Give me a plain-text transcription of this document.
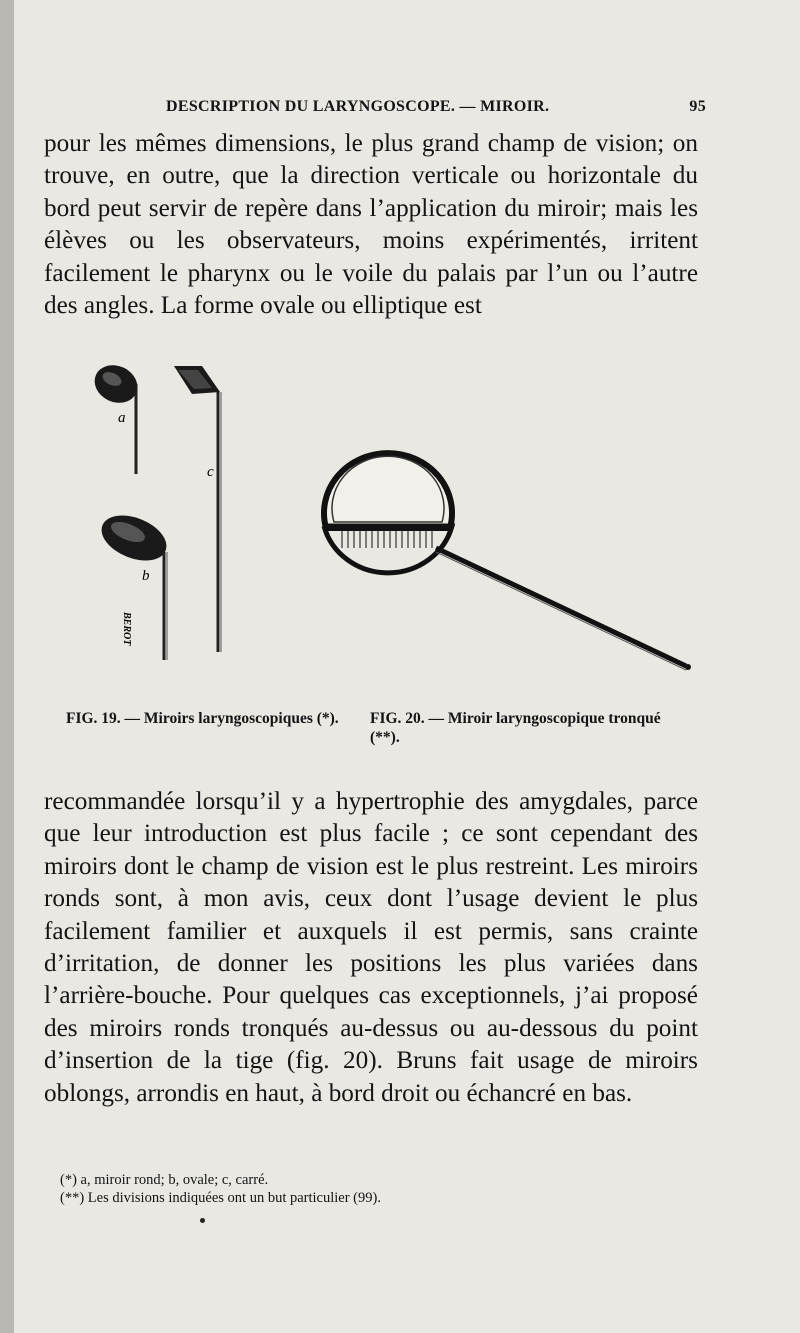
DESCRIPTION DU LARYNGOSCOPE. — MIROIR.	95
pour les mêmes dimensions, le plus grand champ de vision; on trouve, en outre, que la direction verticale ou horizontale du bord peut servir de repère dans l’application du miroir; mais les élèves ou les observateurs, moins expérimentés, irritent facilement le pharynx ou le voile du palais par l’un ou l’autre des angles. La forme ovale ou elliptique est
a
c
b
BEROT
FIG. 19. — Miroirs laryngoscopiques (*).	FIG. 20. — Miroir laryngoscopique tronqué (**).
recommandée lorsqu’il y a hypertrophie des amygdales, parce que leur introduction est plus facile ; ce sont cependant des miroirs dont le champ de vision est le plus restreint. Les miroirs ronds sont, à mon avis, ceux dont l’usage devient le plus facilement familier et auxquels il est permis, sans crainte d’irritation, de donner les positions les plus variées dans l’arrière-bouche. Pour quelques cas exceptionnels, j’ai proposé des miroirs ronds tronqués au-dessus ou au-dessous du point d’insertion de la tige (fig. 20). Bruns fait usage de miroirs oblongs, arrondis en haut, à bord droit ou échancré en bas.
(*) a, miroir rond; b, ovale; c, carré.
(**) Les divisions indiquées ont un but particulier (99).
